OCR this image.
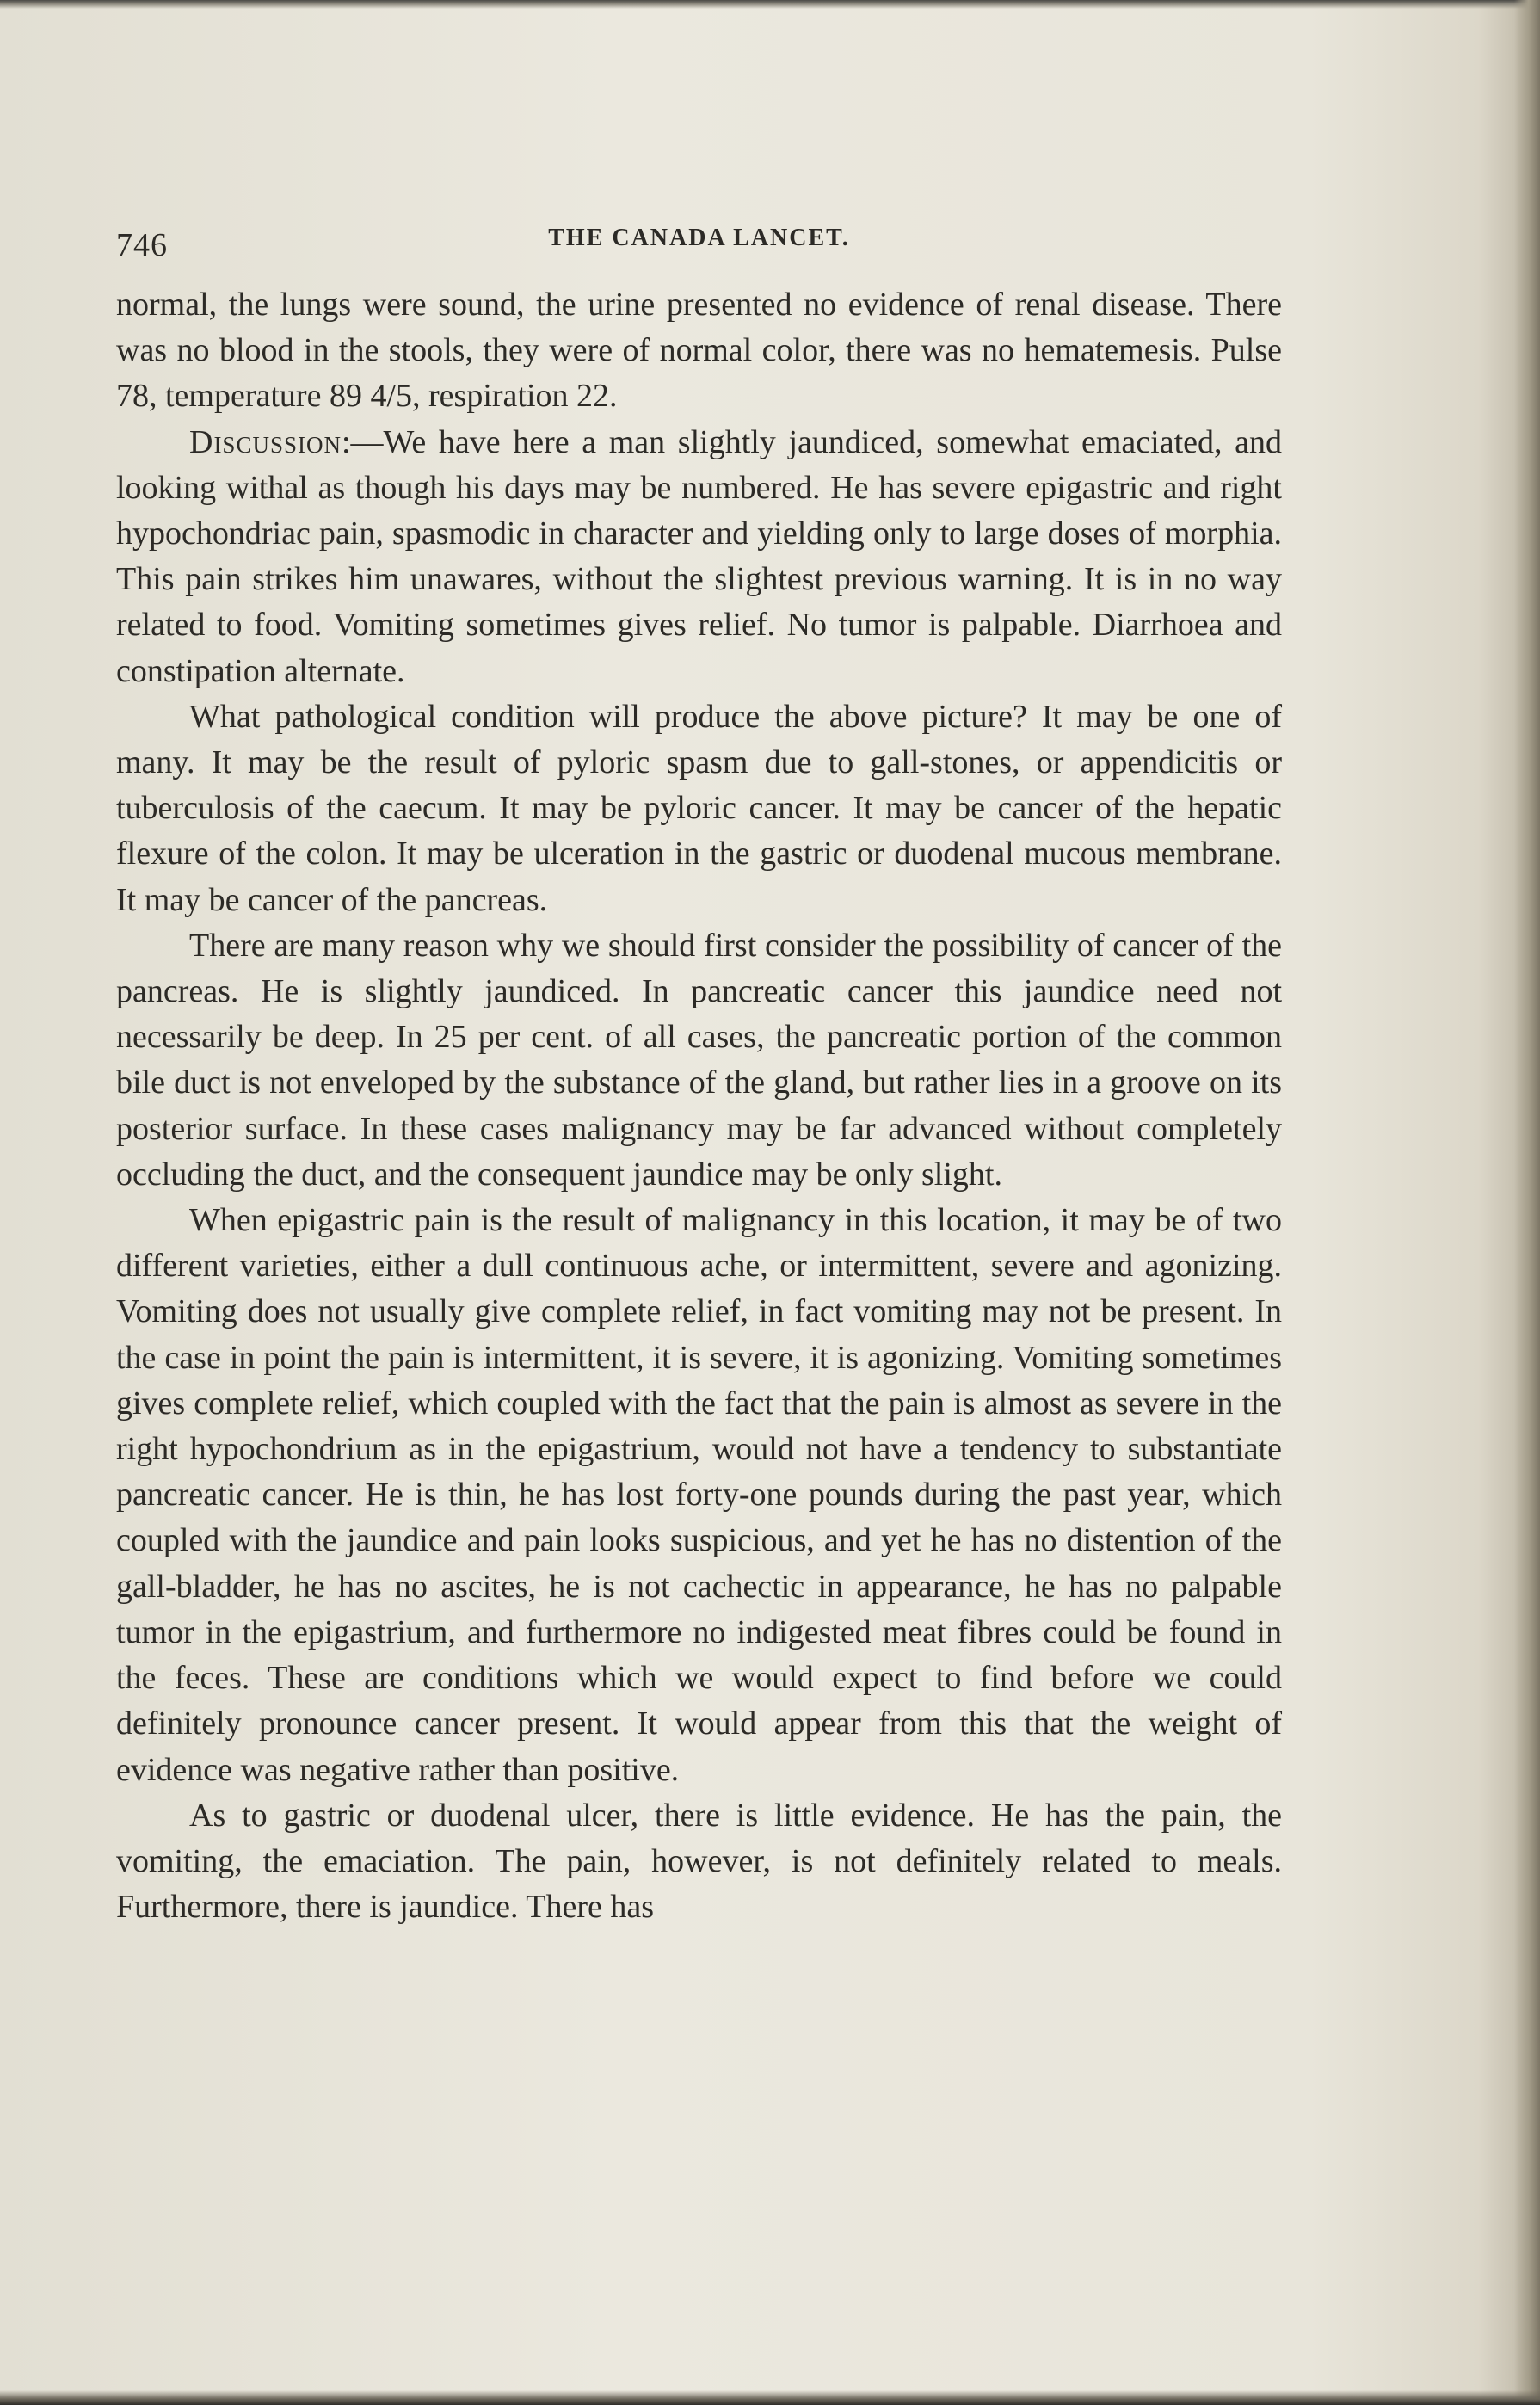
746	THE CANADA LANCET.

normal, the lungs were sound, the urine presented no evidence of renal disease. There was no blood in the stools, they were of normal color, there was no hematemesis. Pulse 78, temperature 89 4/5, respiration 22.

Discussion:—We have here a man slightly jaundiced, somewhat emaciated, and looking withal as though his days may be numbered. He has severe epigastric and right hypochondriac pain, spasmodic in character and yielding only to large doses of morphia. This pain strikes him unawares, without the slightest previous warning. It is in no way related to food. Vomiting sometimes gives relief. No tumor is palpable. Diarrhoea and constipation alternate.

What pathological condition will produce the above picture? It may be one of many. It may be the result of pyloric spasm due to gall-stones, or appendicitis or tuberculosis of the caecum. It may be pyloric cancer. It may be cancer of the hepatic flexure of the colon. It may be ulceration in the gastric or duodenal mucous membrane. It may be cancer of the pancreas.

There are many reason why we should first consider the possibility of cancer of the pancreas. He is slightly jaundiced. In pancreatic cancer this jaundice need not necessarily be deep. In 25 per cent. of all cases, the pancreatic portion of the common bile duct is not enveloped by the substance of the gland, but rather lies in a groove on its posterior surface. In these cases malignancy may be far advanced without completely occluding the duct, and the consequent jaundice may be only slight.

When epigastric pain is the result of malignancy in this location, it may be of two different varieties, either a dull continuous ache, or intermittent, severe and agonizing. Vomiting does not usually give complete relief, in fact vomiting may not be present. In the case in point the pain is intermittent, it is severe, it is agonizing. Vomiting sometimes gives complete relief, which coupled with the fact that the pain is almost as severe in the right hypochondrium as in the epigastrium, would not have a tendency to substantiate pancreatic cancer. He is thin, he has lost forty-one pounds during the past year, which coupled with the jaundice and pain looks suspicious, and yet he has no distention of the gall-bladder, he has no ascites, he is not cachectic in appearance, he has no palpable tumor in the epigastrium, and furthermore no indigested meat fibres could be found in the feces. These are conditions which we would expect to find before we could definitely pronounce cancer present. It would appear from this that the weight of evidence was negative rather than positive.

As to gastric or duodenal ulcer, there is little evidence. He has the pain, the vomiting, the emaciation. The pain, however, is not definitely related to meals. Furthermore, there is jaundice. There has
